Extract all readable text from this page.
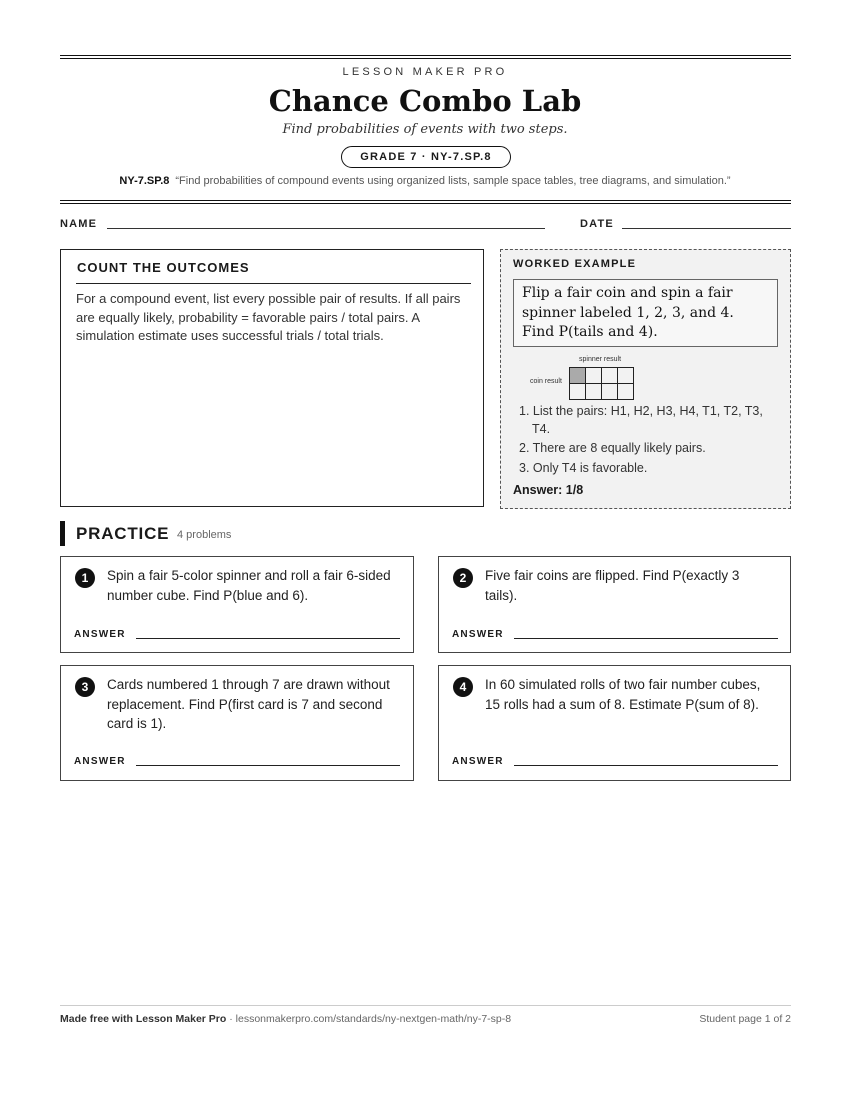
LESSON MAKER PRO
Chance Combo Lab
Find probabilities of events with two steps.
GRADE 7 · NY-7.SP.8
NY-7.SP.8 “Find probabilities of compound events using organized lists, sample space tables, tree diagrams, and simulation.”
NAME	DATE
COUNT THE OUTCOMES
For a compound event, list every possible pair of results. If all pairs are equally likely, probability = favorable pairs / total pairs. A simulation estimate uses successful trials / total trials.
WORKED EXAMPLE
Flip a fair coin and spin a fair spinner labeled 1, 2, 3, and 4. Find P(tails and 4).
spinner result
coin result

1. List the pairs: H1, H2, H3, H4, T1, T2, T3, T4.
2. There are 8 equally likely pairs.
3. Only T4 is favorable.
Answer: 1/8
PRACTICE 4 problems
1	Spin a fair 5-color spinner and roll a fair 6-sided number cube. Find P(blue and 6).
ANSWER
2	Five fair coins are flipped. Find P(exactly 3 tails).
ANSWER
3	Cards numbered 1 through 7 are drawn without replacement. Find P(first card is 7 and second card is 1).
ANSWER
4	In 60 simulated rolls of two fair number cubes, 15 rolls had a sum of 8. Estimate P(sum of 8).
ANSWER
Made free with Lesson Maker Pro · lessonmakerpro.com/standards/ny-nextgen-math/ny-7-sp-8	Student page 1 of 2
